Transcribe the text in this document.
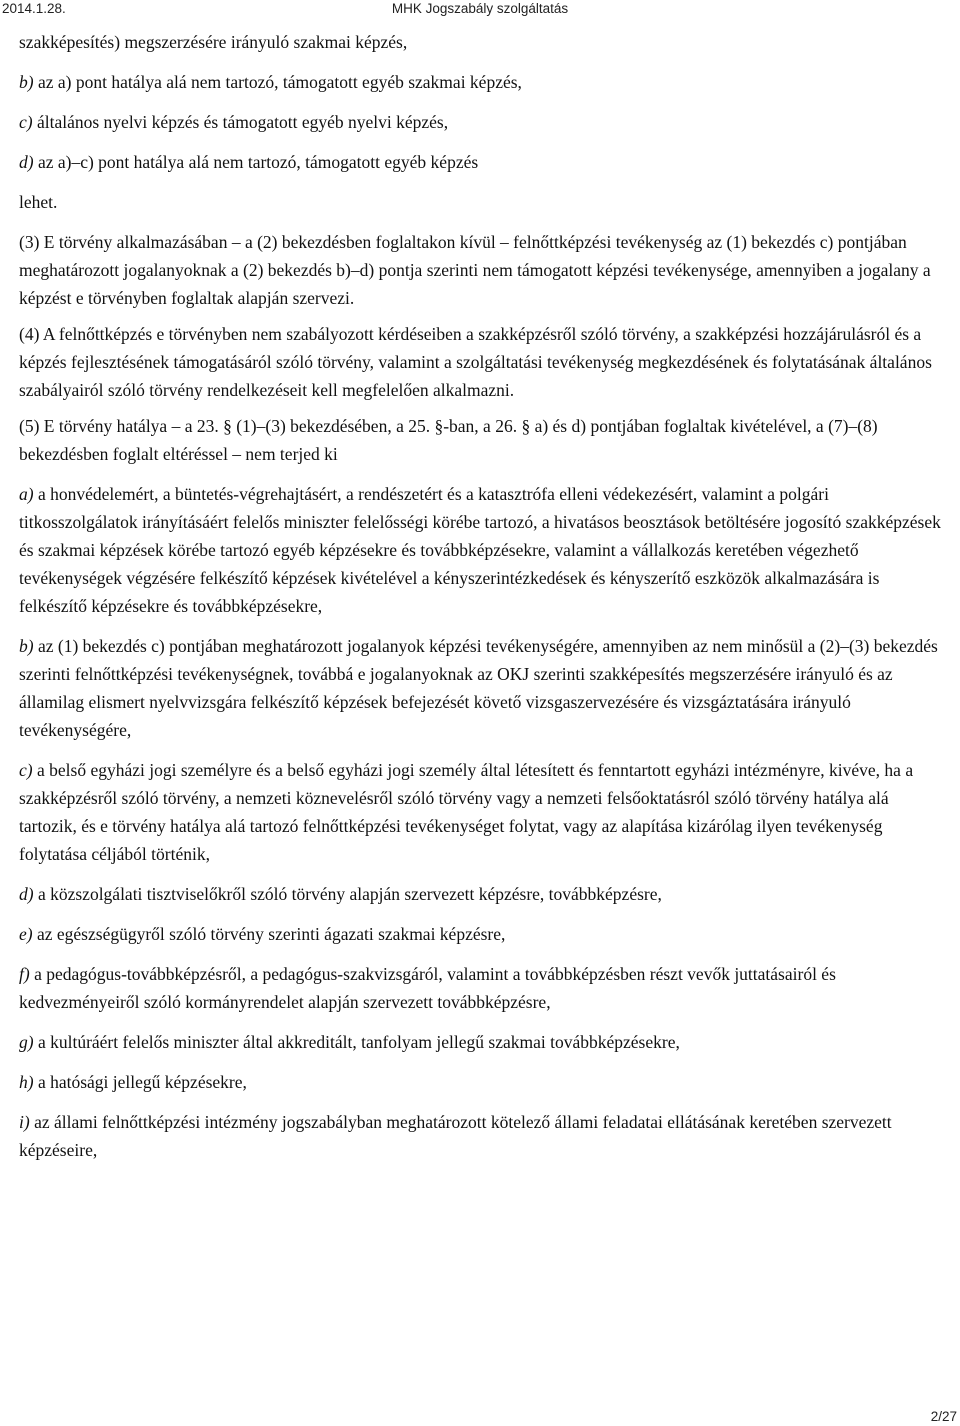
2014.1.28.	MHK Jogszabály szolgáltatás

szakképesítés) megszerzésére irányuló szakmai képzés,

b) az a) pont hatálya alá nem tartozó, támogatott egyéb szakmai képzés,

c) általános nyelvi képzés és támogatott egyéb nyelvi képzés,

d) az a)–c) pont hatálya alá nem tartozó, támogatott egyéb képzés

lehet.

(3) E törvény alkalmazásában – a (2) bekezdésben foglaltakon kívül – felnőttképzési tevékenység az (1) bekezdés c) pontjában meghatározott jogalanyoknak a (2) bekezdés b)–d) pontja szerinti nem támogatott képzési tevékenysége, amennyiben a jogalany a képzést e törvényben foglaltak alapján szervezi.

(4) A felnőttképzés e törvényben nem szabályozott kérdéseiben a szakképzésről szóló törvény, a szakképzési hozzájárulásról és a képzés fejlesztésének támogatásáról szóló törvény, valamint a szolgáltatási tevékenység megkezdésének és folytatásának általános szabályairól szóló törvény rendelkezéseit kell megfelelően alkalmazni.

(5) E törvény hatálya – a 23. § (1)–(3) bekezdésében, a 25. §-ban, a 26. § a) és d) pontjában foglaltak kivételével, a (7)–(8) bekezdésben foglalt eltéréssel – nem terjed ki

a) a honvédelemért, a büntetés-végrehajtásért, a rendészetért és a katasztrófa elleni védekezésért, valamint a polgári titkosszolgálatok irányításáért felelős miniszter felelősségi körébe tartozó, a hivatásos beosztások betöltésére jogosító szakképzések és szakmai képzések körébe tartozó egyéb képzésekre és továbbképzésekre, valamint a vállalkozás keretében végezhető tevékenységek végzésére felkészítő képzések kivételével a kényszerintézkedések és kényszerítő eszközök alkalmazására is felkészítő képzésekre és továbbképzésekre,

b) az (1) bekezdés c) pontjában meghatározott jogalanyok képzési tevékenységére, amennyiben az nem minősül a (2)–(3) bekezdés szerinti felnőttképzési tevékenységnek, továbbá e jogalanyoknak az OKJ szerinti szakképesítés megszerzésére irányuló és az államilag elismert nyelvvizsgára felkészítő képzések befejezését követő vizsgaszervezésére és vizsgáztatására irányuló tevékenységére,

c) a belső egyházi jogi személyre és a belső egyházi jogi személy által létesített és fenntartott egyházi intézményre, kivéve, ha a szakképzésről szóló törvény, a nemzeti köznevelésről szóló törvény vagy a nemzeti felsőoktatásról szóló törvény hatálya alá tartozik, és e törvény hatálya alá tartozó felnőttképzési tevékenységet folytat, vagy az alapítása kizárólag ilyen tevékenység folytatása céljából történik,

d) a közszolgálati tisztviselőkről szóló törvény alapján szervezett képzésre, továbbképzésre,

e) az egészségügyről szóló törvény szerinti ágazati szakmai képzésre,

f) a pedagógus-továbbképzésről, a pedagógus-szakvizsgáról, valamint a továbbképzésben részt vevők juttatásairól és kedvezményeiről szóló kormányrendelet alapján szervezett továbbképzésre,

g) a kultúráért felelős miniszter által akkreditált, tanfolyam jellegű szakmai továbbképzésekre,

h) a hatósági jellegű képzésekre,

i) az állami felnőttképzési intézmény jogszabályban meghatározott kötelező állami feladatai ellátásának keretében szervezett képzéseire,

2/27
